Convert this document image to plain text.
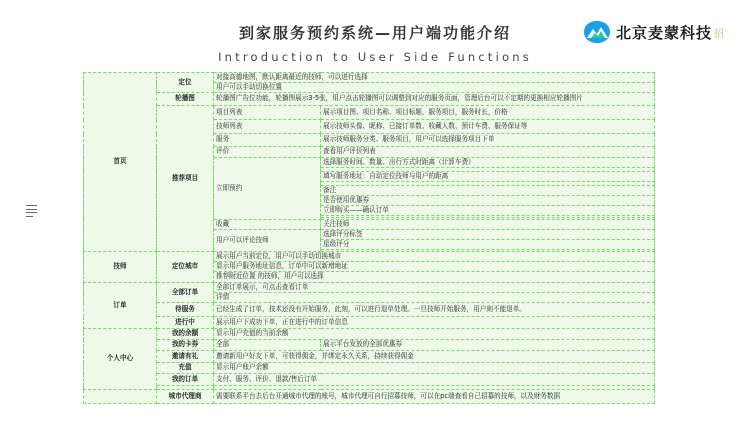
到家服务预约系统—用户端功能介绍
Introduction to User Side Functions
北京麦蒙科技 招
首页	定位	对接高德地图，默认距离最近的技师，可以进行选择	
		用户可以手动切换位置	
	轮播图	轮播图广告位功能，轮播图展示3-5张，用户点击轮播图可以调整到对应的服务页面，管理后台可以不定期的更换相应轮播图片	
	推荐项目	项目列表	展示项目图、项目名称、项目标题，服务项目，服务时长，价格
		技师列表	展示技师头像、昵称、已接订单数、收藏人数、预计车费、服务保证等
		服务	展示技师服务分类、服务项目，用户可以选择服务项目下单
		评价	查看用户评价列表
		立即预约	选择服务时间、数量、出行方式时距离（计算车费）

			填写服务地址：自动定位技师与用户的距离

			备注
			是否使用优惠券
			立即购买——确认订单

		收藏	关注技师
		用户可以评论技师	选择评分标签
			星级评分

技师	定位城市	展示用户当前定位，用户可以手动切换城市	
		显示用户服务地址信息，订单中可以新增地址	
		推荐附近位置 的技师，用户可以选择	
订单	全部订单	全部订单展示，可点击查看订单	
		详情	
	待服务	已经生成了订单，技术还没有开始服务，此刻，可以进行退单处理。一旦技师开始服务，用户则不能退单。	
	进行中	展示用户下成功下单，正在进行中的订单信息	
个人中心	我的余额	显示用户充值的当前余额	
	我的卡券	全部	展示平台发放的全部优惠券
	邀请有礼	邀请新用户好友下单，可获得佣金，并绑定永久关系，持续获得佣金	
	充值	显示用户账户余额	
	我的订单	支付、服务、评价、退款/售后订单	

	城市代理商	需要联系平台去后台开通城市代理的账号，城市代理可自行招募技师，可以在pc端查看自己招募的技师，以及财务数据	
